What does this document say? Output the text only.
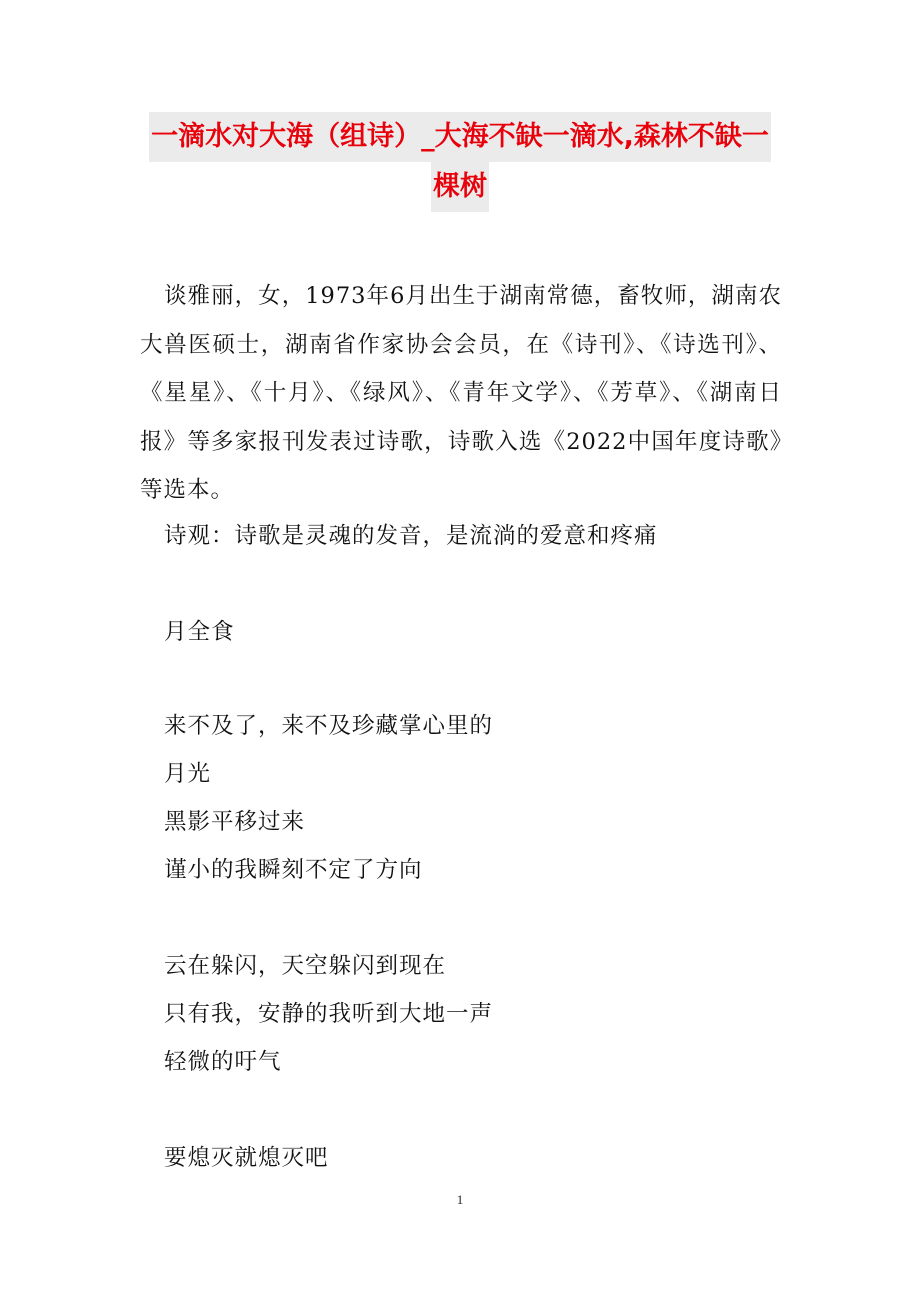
一滴水对大海（组诗）_大海不缺一滴水,森林不缺一
棵树

谈雅丽，女，1973年6月出生于湖南常德，畜牧师，湖南农大兽医硕士，湖南省作家协会会员，在《诗刊》、《诗选刊》、《星星》、《十月》、《绿风》、《青年文学》、《芳草》、《湖南日报》等多家报刊发表过诗歌，诗歌入选《2022中国年度诗歌》等选本。

诗观：诗歌是灵魂的发音，是流淌的爱意和疼痛

月全食

来不及了，来不及珍藏掌心里的

月光

黑影平移过来

谨小的我瞬刻不定了方向

云在躲闪，天空躲闪到现在

只有我，安静的我听到大地一声

轻微的吁气

要熄灭就熄灭吧

1
